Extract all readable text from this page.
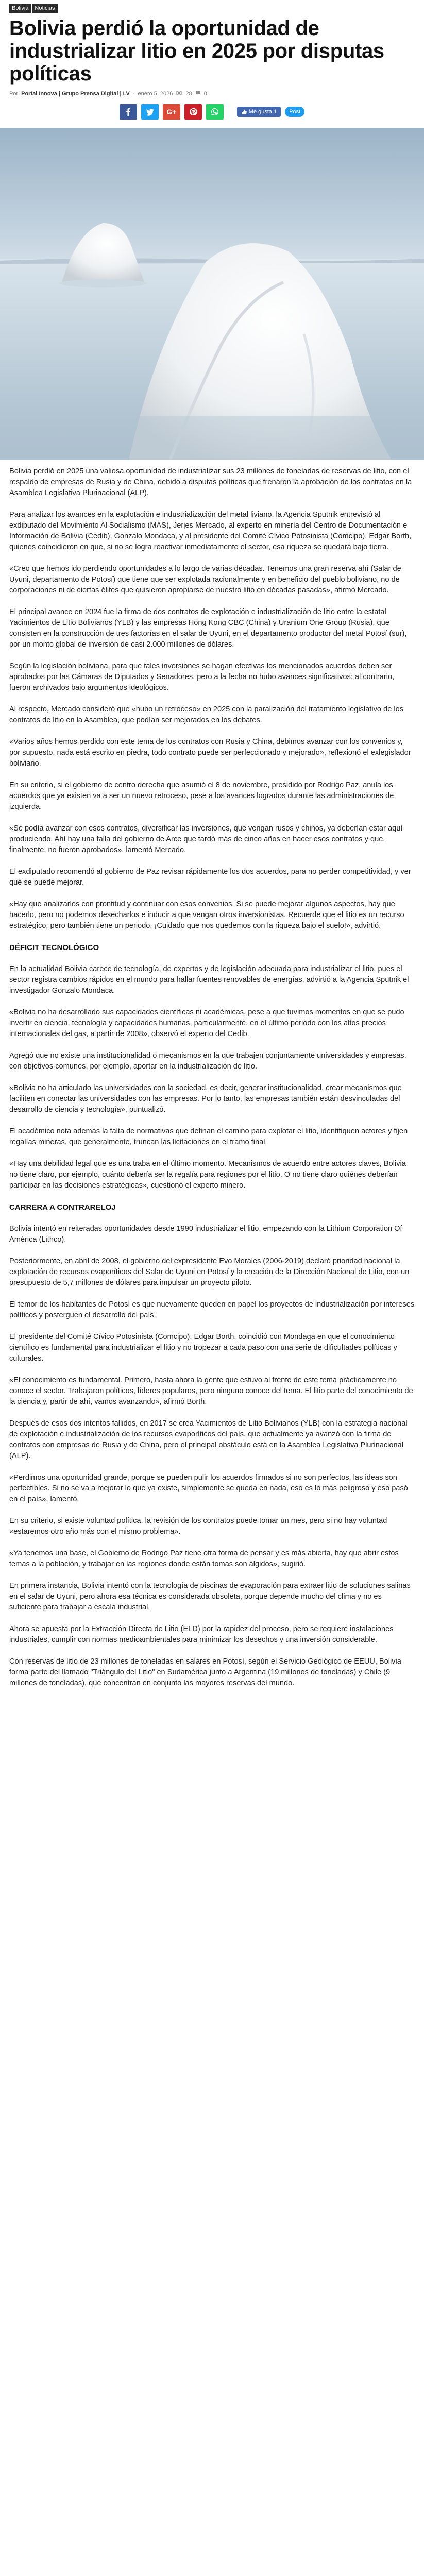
Bolivia	Noticias
Bolivia perdió la oportunidad de industrializar litio en 2025 por disputas políticas
Por Portal Innova | Grupo Prensa Digital | LV - enero 5, 2026 28 0
G+	Me gusta 1	Post

Bolivia perdió en 2025 una valiosa oportunidad de industrializar sus 23 millones de toneladas de reservas de litio, con el respaldo de empresas de Rusia y de China, debido a disputas políticas que frenaron la aprobación de los contratos en la Asamblea Legislativa Plurinacional (ALP).

Para analizar los avances en la explotación e industrialización del metal liviano, la Agencia Sputnik entrevistó al exdiputado del Movimiento Al Socialismo (MAS), Jerjes Mercado, al experto en minería del Centro de Documentación e Información de Bolivia (Cedib), Gonzalo Mondaca, y al presidente del Comité Cívico Potosinista (Comcipo), Edgar Borth, quienes coincidieron en que, si no se logra reactivar inmediatamente el sector, esa riqueza se quedará bajo tierra.

«Creo que hemos ido perdiendo oportunidades a lo largo de varias décadas. Tenemos una gran reserva ahí (Salar de Uyuni, departamento de Potosí) que tiene que ser explotada racionalmente y en beneficio del pueblo boliviano, no de corporaciones ni de ciertas élites que quisieron apropiarse de nuestro litio en décadas pasadas», afirmó Mercado.

El principal avance en 2024 fue la firma de dos contratos de explotación e industrialización de litio entre la estatal Yacimientos de Litio Bolivianos (YLB) y las empresas Hong Kong CBC (China) y Uranium One Group (Rusia), que consisten en la construcción de tres factorías en el salar de Uyuni, en el departamento productor del metal Potosí (sur), por un monto global de inversión de casi 2.000 millones de dólares.

Según la legislación boliviana, para que tales inversiones se hagan efectivas los mencionados acuerdos deben ser aprobados por las Cámaras de Diputados y Senadores, pero a la fecha no hubo avances significativos: al contrario, fueron archivados bajo argumentos ideológicos.

Al respecto, Mercado consideró que «hubo un retroceso» en 2025 con la paralización del tratamiento legislativo de los contratos de litio en la Asamblea, que podían ser mejorados en los debates.

«Varios años hemos perdido con este tema de los contratos con Rusia y China, debimos avanzar con los convenios y, por supuesto, nada está escrito en piedra, todo contrato puede ser perfeccionado y mejorado», reflexionó el exlegislador boliviano.

En su criterio, si el gobierno de centro derecha que asumió el 8 de noviembre, presidido por Rodrigo Paz, anula los acuerdos que ya existen va a ser un nuevo retroceso, pese a los avances logrados durante las administraciones de izquierda.

«Se podía avanzar con esos contratos, diversificar las inversiones, que vengan rusos y chinos, ya deberían estar aquí produciendo. Ahí hay una falla del gobierno de Arce que tardó más de cinco años en hacer esos contratos y que, finalmente, no fueron aprobados», lamentó Mercado.

El exdiputado recomendó al gobierno de Paz revisar rápidamente los dos acuerdos, para no perder competitividad, y ver qué se puede mejorar.

«Hay que analizarlos con prontitud y continuar con esos convenios. Si se puede mejorar algunos aspectos, hay que hacerlo, pero no podemos desecharlos e inducir a que vengan otros inversionistas. Recuerde que el litio es un recurso estratégico, pero también tiene un periodo. ¡Cuidado que nos quedemos con la riqueza bajo el suelo!», advirtió.

DÉFICIT TECNOLÓGICO

En la actualidad Bolivia carece de tecnología, de expertos y de legislación adecuada para industrializar el litio, pues el sector registra cambios rápidos en el mundo para hallar fuentes renovables de energías, advirtió a la Agencia Sputnik el investigador Gonzalo Mondaca.

«Bolivia no ha desarrollado sus capacidades científicas ni académicas, pese a que tuvimos momentos en que se pudo invertir en ciencia, tecnología y capacidades humanas, particularmente, en el último periodo con los altos precios internacionales del gas, a partir de 2008», observó el experto del Cedib.

Agregó que no existe una institucionalidad o mecanismos en la que trabajen conjuntamente universidades y empresas, con objetivos comunes, por ejemplo, aportar en la industrialización de litio.

«Bolivia no ha articulado las universidades con la sociedad, es decir, generar institucionalidad, crear mecanismos que faciliten en conectar las universidades con las empresas. Por lo tanto, las empresas también están desvinculadas del desarrollo de ciencia y tecnología», puntualizó.

El académico nota además la falta de normativas que definan el camino para explotar el litio, identifiquen actores y fijen regalías mineras, que generalmente, truncan las licitaciones en el tramo final.

«Hay una debilidad legal que es una traba en el último momento. Mecanismos de acuerdo entre actores claves, Bolivia no tiene claro, por ejemplo, cuánto debería ser la regalía para regiones por el litio. O no tiene claro quiénes deberían participar en las decisiones estratégicas», cuestionó el experto minero.

CARRERA A CONTRARELOJ

Bolivia intentó en reiteradas oportunidades desde 1990 industrializar el litio, empezando con la Lithium Corporation Of América (Lithco).

Posteriormente, en abril de 2008, el gobierno del expresidente Evo Morales (2006-2019) declaró prioridad nacional la explotación de recursos evaporíticos del Salar de Uyuni en Potosí y la creación de la Dirección Nacional de Litio, con un presupuesto de 5,7 millones de dólares para impulsar un proyecto piloto.

El temor de los habitantes de Potosí es que nuevamente queden en papel los proyectos de industrialización por intereses políticos y posterguen el desarrollo del país.

El presidente del Comité Cívico Potosinista (Comcipo), Edgar Borth, coincidió con Mondaga en que el conocimiento científico es fundamental para industrializar el litio y no tropezar a cada paso con una serie de dificultades políticas y culturales.

«El conocimiento es fundamental. Primero, hasta ahora la gente que estuvo al frente de este tema prácticamente no conoce el sector. Trabajaron políticos, líderes populares, pero ninguno conoce del tema. El litio parte del conocimiento de la ciencia y, partir de ahí, vamos avanzando», afirmó Borth.

Después de esos dos intentos fallidos, en 2017 se crea Yacimientos de Litio Bolivianos (YLB) con la estrategia nacional de explotación e industrialización de los recursos evaporíticos del país, que actualmente ya avanzó con la firma de contratos con empresas de Rusia y de China, pero el principal obstáculo está en la Asamblea Legislativa Plurinacional (ALP).

«Perdimos una oportunidad grande, porque se pueden pulir los acuerdos firmados si no son perfectos, las ideas son perfectibles. Si no se va a mejorar lo que ya existe, simplemente se queda en nada, eso es lo más peligroso y eso pasó en el país», lamentó.

En su criterio, si existe voluntad política, la revisión de los contratos puede tomar un mes, pero si no hay voluntad «estaremos otro año más con el mismo problema».

«Ya tenemos una base, el Gobierno de Rodrigo Paz tiene otra forma de pensar y es más abierta, hay que abrir estos temas a la población, y trabajar en las regiones donde están tomas son álgidos», sugirió.

En primera instancia, Bolivia intentó con la tecnología de piscinas de evaporación para extraer litio de soluciones salinas en el salar de Uyuni, pero ahora esa técnica es considerada obsoleta, porque depende mucho del clima y no es suficiente para trabajar a escala industrial.

Ahora se apuesta por la Extracción Directa de Litio (ELD) por la rapidez del proceso, pero se requiere instalaciones industriales, cumplir con normas medioambientales para minimizar los desechos y una inversión considerable.

Con reservas de litio de 23 millones de toneladas en salares en Potosí, según el Servicio Geológico de EEUU, Bolivia forma parte del llamado "Triángulo del Litio" en Sudamérica junto a Argentina (19 millones de toneladas) y Chile (9 millones de toneladas), que concentran en conjunto las mayores reservas del mundo.
